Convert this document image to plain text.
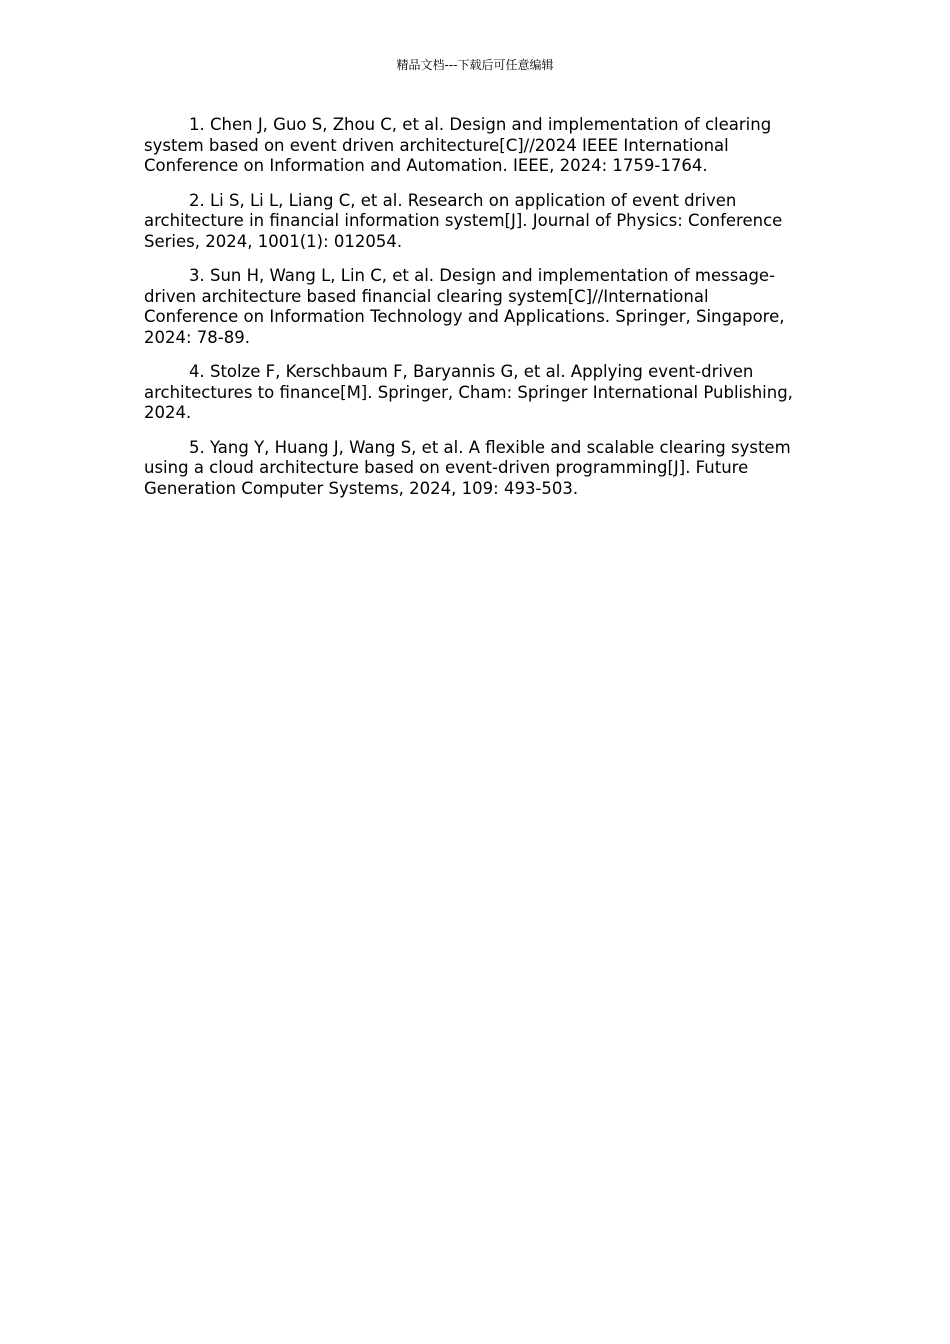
精品文档---下载后可任意编辑

1. Chen J, Guo S, Zhou C, et al. Design and implementation of clearing system based on event driven architecture[C]//2024 IEEE International Conference on Information and Automation. IEEE, 2024: 1759-1764.

2. Li S, Li L, Liang C, et al. Research on application of event driven architecture in financial information system[J]. Journal of Physics: Conference Series, 2024, 1001(1): 012054.

3. Sun H, Wang L, Lin C, et al. Design and implementation of message-driven architecture based financial clearing system[C]//International Conference on Information Technology and Applications. Springer, Singapore, 2024: 78-89.

4. Stolze F, Kerschbaum F, Baryannis G, et al. Applying event-driven architectures to finance[M]. Springer, Cham: Springer International Publishing, 2024.

5. Yang Y, Huang J, Wang S, et al. A flexible and scalable clearing system using a cloud architecture based on event-driven programming[J]. Future Generation Computer Systems, 2024, 109: 493-503.
